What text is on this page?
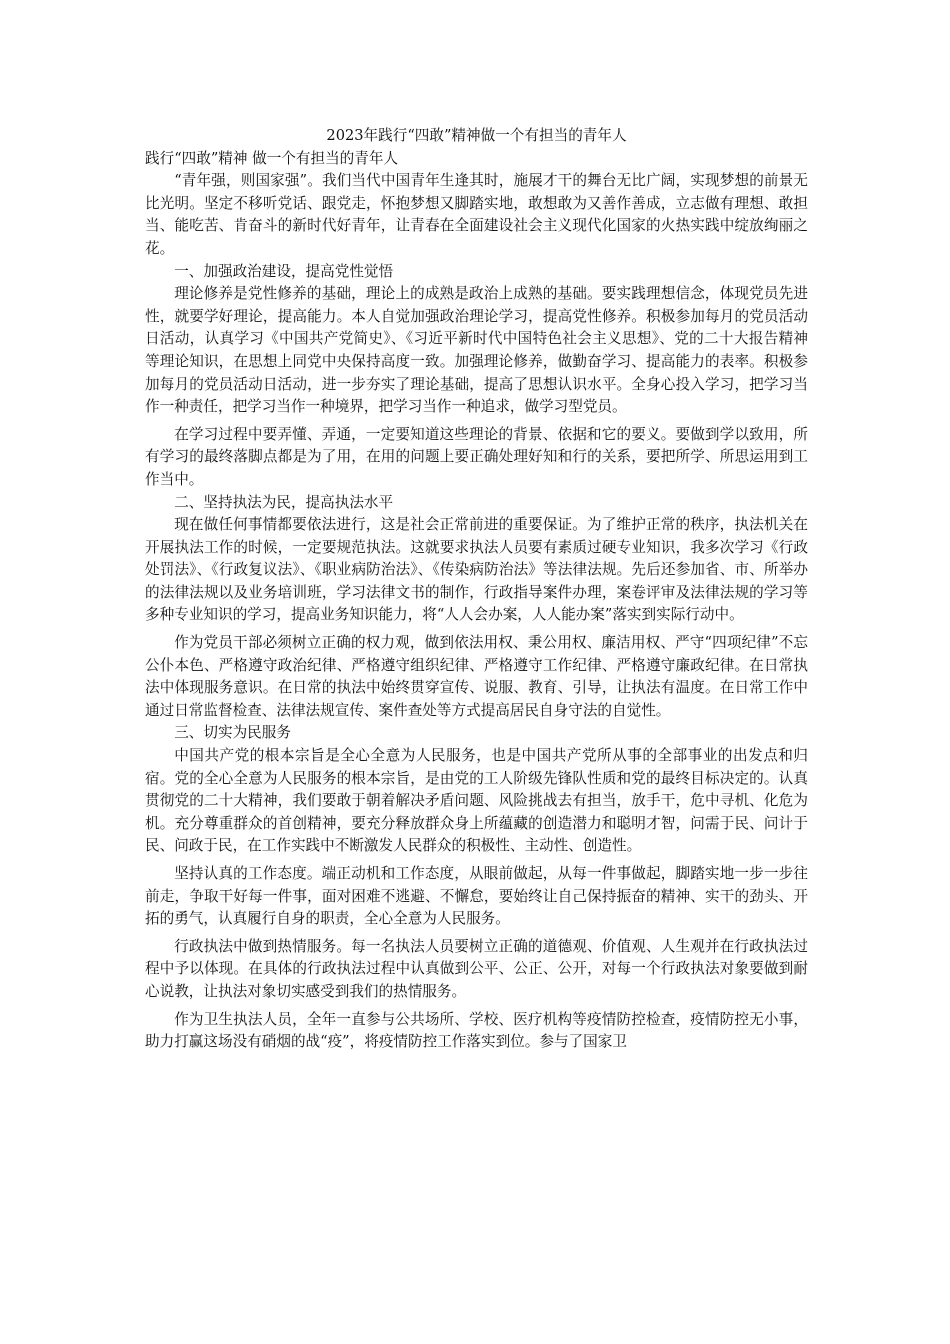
2023年践行“四敢”精神做一个有担当的青年人
践行“四敢”精神 做一个有担当的青年人

“青年强，则国家强”。我们当代中国青年生逢其时，施展才干的舞台无比广阔，实现梦想的前景无比光明。坚定不移听党话、跟党走，怀抱梦想又脚踏实地，敢想敢为又善作善成，立志做有理想、敢担当、能吃苦、肯奋斗的新时代好青年，让青春在全面建设社会主义现代化国家的火热实践中绽放绚丽之花。

一、加强政治建设，提高党性觉悟

理论修养是党性修养的基础，理论上的成熟是政治上成熟的基础。要实践理想信念，体现党员先进性，就要学好理论，提高能力。本人自觉加强政治理论学习，提高党性修养。积极参加每月的党员活动日活动，认真学习《中国共产党简史》、《习近平新时代中国特色社会主义思想》、党的二十大报告精神等理论知识，在思想上同党中央保持高度一致。加强理论修养，做勤奋学习、提高能力的表率。积极参加每月的党员活动日活动，进一步夯实了理论基础，提高了思想认识水平。全身心投入学习，把学习当作一种责任，把学习当作一种境界，把学习当作一种追求，做学习型党员。

在学习过程中要弄懂、弄通，一定要知道这些理论的背景、依据和它的要义。要做到学以致用，所有学习的最终落脚点都是为了用，在用的问题上要正确处理好知和行的关系，要把所学、所思运用到工作当中。

二、坚持执法为民，提高执法水平

现在做任何事情都要依法进行，这是社会正常前进的重要保证。为了维护正常的秩序，执法机关在开展执法工作的时候，一定要规范执法。这就要求执法人员要有素质过硬专业知识，我多次学习《行政处罚法》、《行政复议法》、《职业病防治法》、《传染病防治法》等法律法规。先后还参加省、市、所举办的法律法规以及业务培训班，学习法律文书的制作，行政指导案件办理，案卷评审及法律法规的学习等多种专业知识的学习，提高业务知识能力，将“人人会办案，人人能办案”落实到实际行动中。

作为党员干部必须树立正确的权力观，做到依法用权、秉公用权、廉洁用权、严守“四项纪律”不忘公仆本色、严格遵守政治纪律、严格遵守组织纪律、严格遵守工作纪律、严格遵守廉政纪律。在日常执法中体现服务意识。在日常的执法中始终贯穿宣传、说服、教育、引导，让执法有温度。在日常工作中通过日常监督检查、法律法规宣传、案件查处等方式提高居民自身守法的自觉性。

三、切实为民服务

中国共产党的根本宗旨是全心全意为人民服务，也是中国共产党所从事的全部事业的出发点和归宿。党的全心全意为人民服务的根本宗旨，是由党的工人阶级先锋队性质和党的最终目标决定的。认真贯彻党的二十大精神，我们要敢于朝着解决矛盾问题、风险挑战去有担当，放手干，危中寻机、化危为机。充分尊重群众的首创精神，要充分释放群众身上所蕴藏的创造潜力和聪明才智，问需于民、问计于民、问政于民，在工作实践中不断激发人民群众的积极性、主动性、创造性。

坚持认真的工作态度。端正动机和工作态度，从眼前做起，从每一件事做起，脚踏实地一步一步往前走，争取干好每一件事，面对困难不逃避、不懈怠，要始终让自己保持振奋的精神、实干的劲头、开拓的勇气，认真履行自身的职责，全心全意为人民服务。

行政执法中做到热情服务。每一名执法人员要树立正确的道德观、价值观、人生观并在行政执法过程中予以体现。在具体的行政执法过程中认真做到公平、公正、公开，对每一个行政执法对象要做到耐心说教，让执法对象切实感受到我们的热情服务。

作为卫生执法人员，全年一直参与公共场所、学校、医疗机构等疫情防控检查，疫情防控无小事，助力打赢这场没有硝烟的战“疫”，将疫情防控工作落实到位。参与了国家卫
